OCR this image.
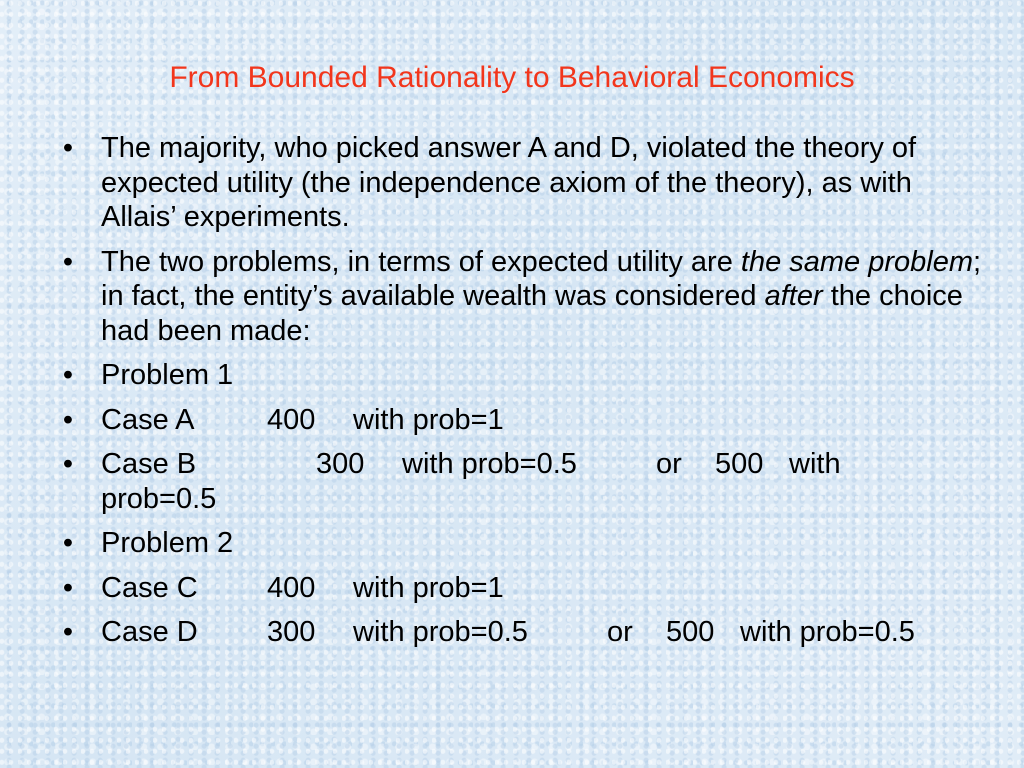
From Bounded Rationality to Behavioral Economics
• The majority, who picked answer A and D, violated the theory of expected utility (the independence axiom of the theory), as with Allais’ experiments.
• The two problems, in terms of expected utility are the same problem; in fact, the entity’s available wealth was considered after the choice had been made:
• Problem 1
• Case A	400 with prob=1
• Case B	300 with prob=0.5	or 500 with
prob=0.5
• Problem 2
• Case C 400 with prob=1
• Case D 300 with prob=0.5	or 500 with prob=0.5
